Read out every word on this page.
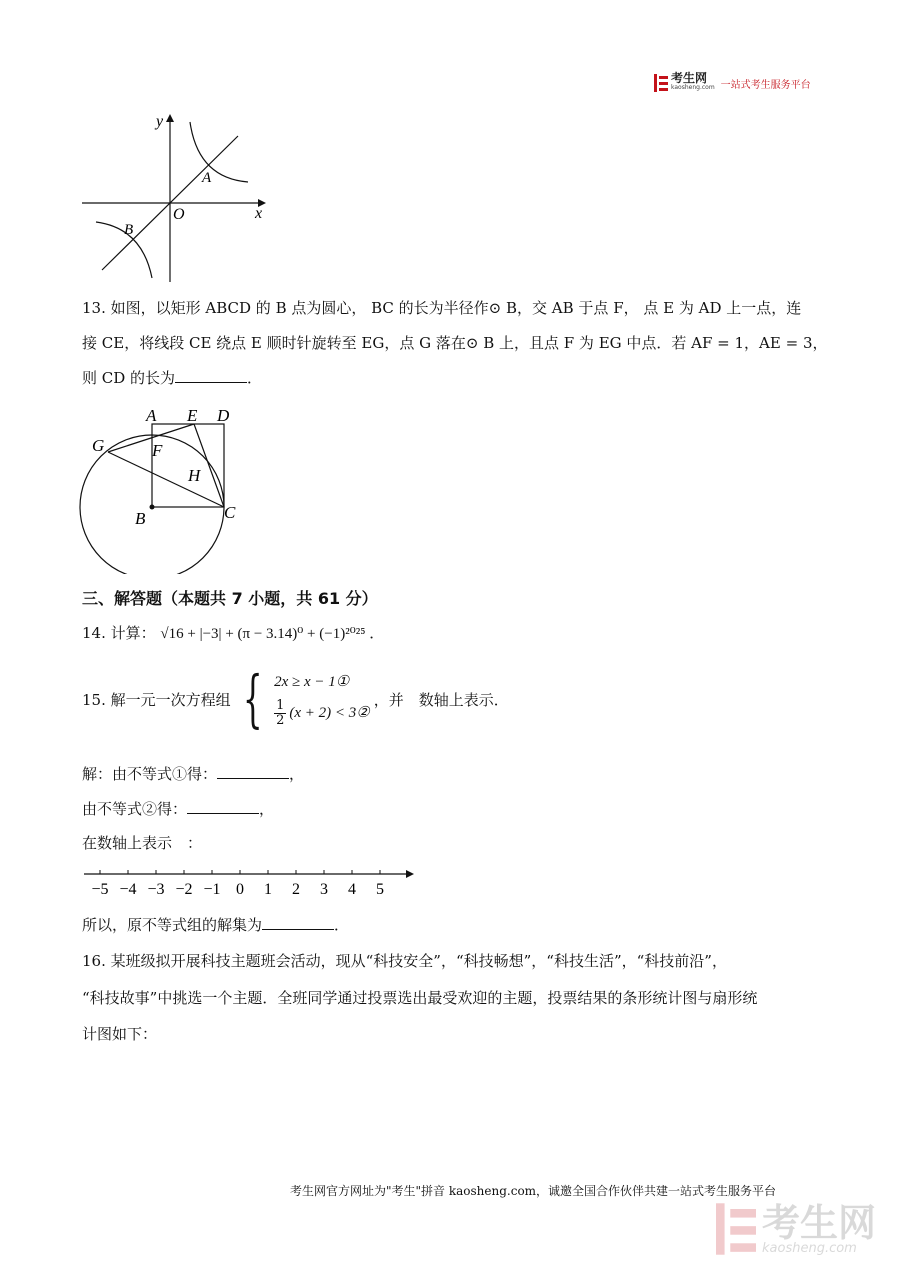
考生网
kaosheng.com 一站式考生服务平台
y
x
O
A
B
13. 如图，以矩形 ABCD 的 B 点为圆心， BC 的长为半径作⊙ B，交 AB 于点 F， 点 E 为 AD 上一点，连
接 CE，将线段 CE 绕点 E 顺时针旋转至 EG，点 G 落在⊙ B 上，且点 F 为 EG 中点．若 AF = 1，AE = 3，
则 CD 的长为	．
A E D
G	F
H
B	C
三、解答题（本题共 7 小题，共 61 分）
14. 计算： √16 + |−3| + (π − 3.14)⁰ + (−1)²⁰²⁵ ．
15. 解一元一次方程组 { 2x ≥ x − 1①
$\frac{1}{2} (x + 2)$ < 3②
，并　数轴上表示．
解：由不等式①得：	，
由不等式②得：	，
在数轴上表示　：
−5 −4 −3 −2 −1 0 1 2 3 4 5
所以，原不等式组的解集为	．
16. 某班级拟开展科技主题班会活动，现从“科技安全”，“科技畅想”，“科技生活”，“科技前沿”，
“科技故事”中挑选一个主题．全班同学通过投票选出最受欢迎的主题，投票结果的条形统计图与扇形统
计图如下：
考生网官方网址为"考生"拼音 kaosheng.com，诚邀全国合作伙伴共建一站式考生服务平台
考生网
kaosheng.com
